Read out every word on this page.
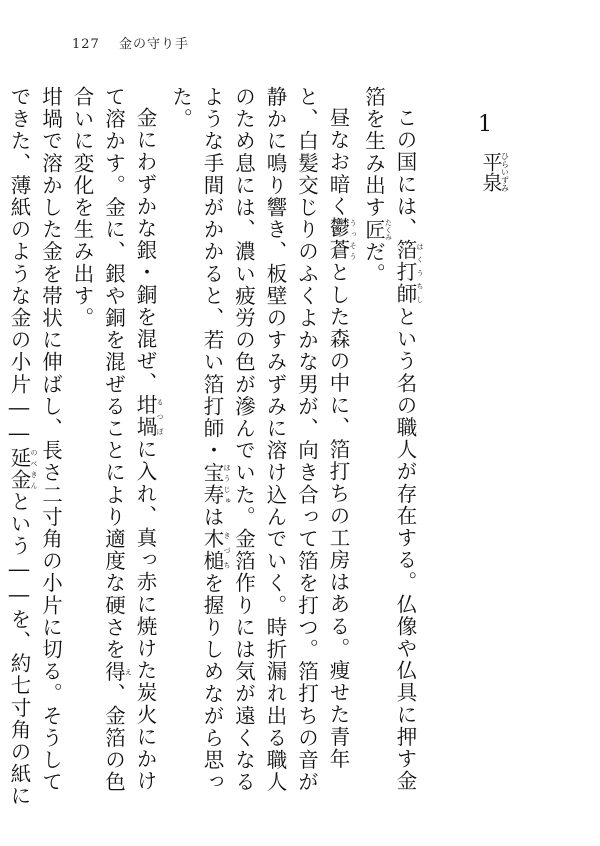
127 金の守り手
1
平泉ひらいずみ

この国には、箔打師 はくうちしという名の職人が存在する。仏像や仏具に押す金箔を生み出す匠 たくみだ。

昼なお暗く鬱蒼 うっそうとした森の中に、箔打ちの工房はある。痩せた青年と、白髪交じりのふくよかな男が、向き合って箔を打つ。箔打ちの音が静かに鳴り響き、板壁のすみずみに溶け込んでいく。時折漏れ出る職人のため息には、濃い疲労の色が滲んでいた。金箔作りには気が遠くなるような手間がかかると、若い箔打師・宝寿 ほうじゅは木槌 きづちを握りしめながら思った。

金にわずかな銀・銅を混ぜ、坩堝 るつぼに入れ、真っ赤に焼けた炭火にかけて溶かす。金に、銀や銅を混ぜることにより適度な硬さを得 え、金箔の色合いに変化を生み出す。

坩堝で溶かした金を帯状に伸ばし、長さ二寸角の小片に切る。そうしてできた、薄紙のような金の小片――延金 のべきんという――を、約七寸角の紙に
